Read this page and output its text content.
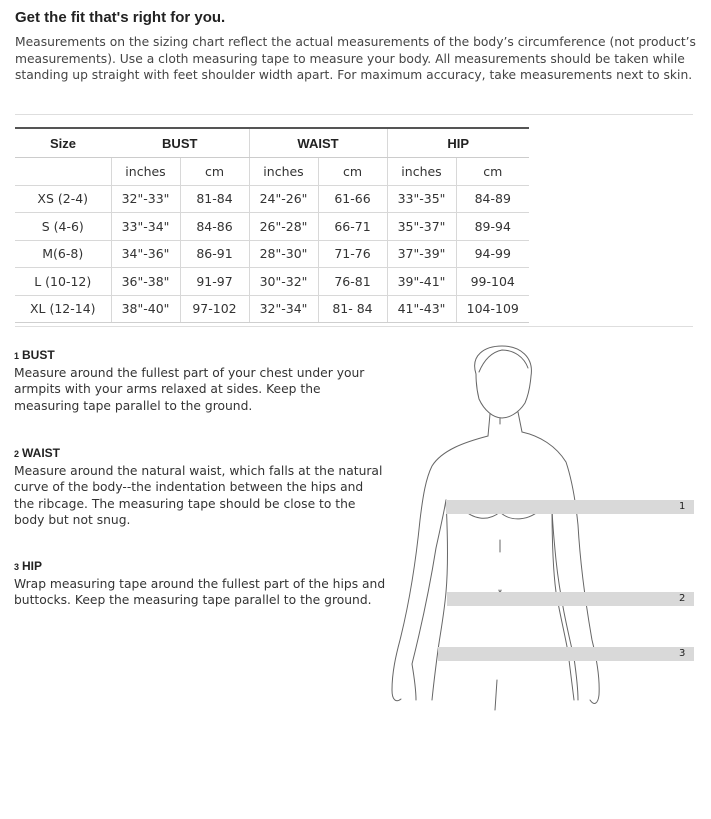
Get the fit that's right for you.

Measurements on the sizing chart reflect the actual measurements of the body’s circumference (not product’s measurements). Use a cloth measuring tape to measure your body. All measurements should be taken while standing up straight with feet shoulder width apart. For maximum accuracy, take measurements next to skin.

Size	BUST		WAIST		HIP	
	inches	cm	inches	cm	inches	cm
XS (2-4)	32"-33"	81-84	24"-26"	61-66	33"-35"	84-89
S (4-6)	33"-34"	84-86	26"-28"	66-71	35"-37"	89-94
M(6-8)	34"-36"	86-91	28"-30"	71-76	37"-39"	94-99
L (10-12)	36"-38"	91-97	30"-32"	76-81	39"-41"	99-104
XL (12-14)	38"-40"	97-102	32"-34"	81- 84	41"-43"	104-109
1 BUST
Measure around the fullest part of your chest under your armpits with your arms relaxed at sides. Keep the measuring tape parallel to the ground.
2 WAIST
Measure around the natural waist, which falls at the natural curve of the body--the indentation between the hips and the ribcage. The measuring tape should be close to the body but not snug.
3 HIP
Wrap measuring tape around the fullest part of the hips and buttocks. Keep the measuring tape parallel to the ground.
1
2
3
